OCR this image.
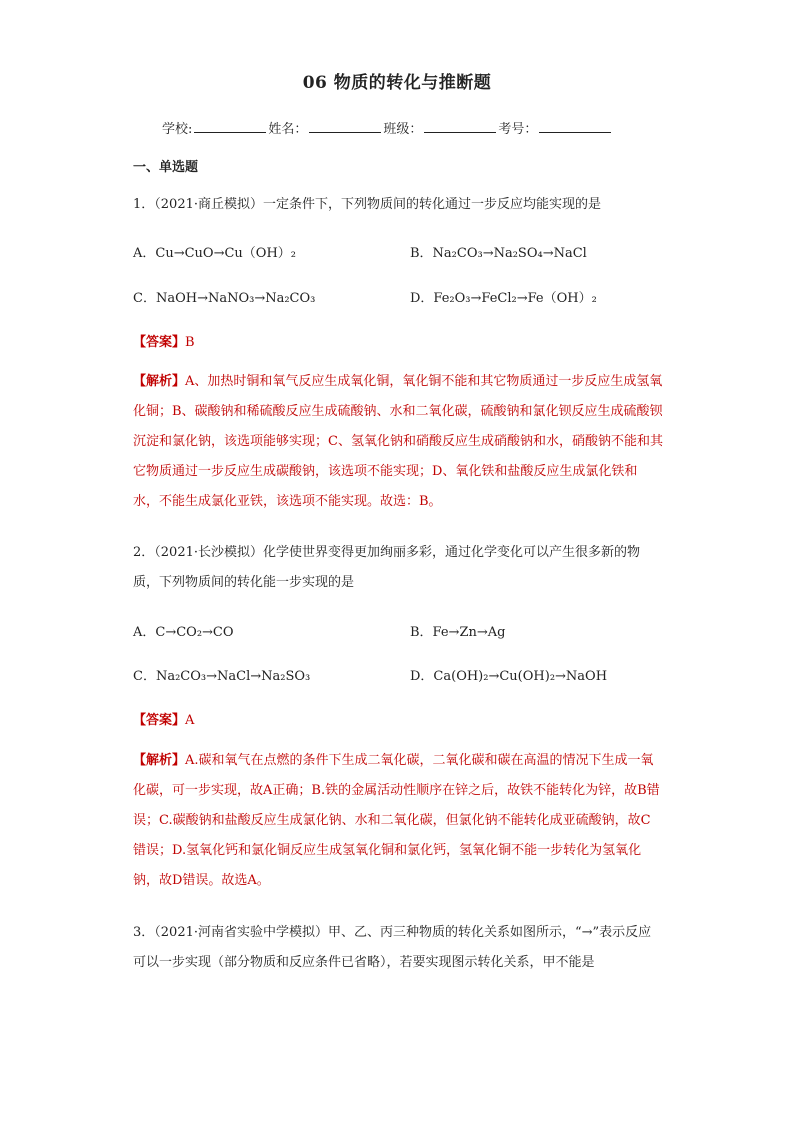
06 物质的转化与推断题
学校:	姓名：	班级：	考号：
一、单选题
1．（2021·商丘模拟）一定条件下，下列物质间的转化通过一步反应均能实现的是
A．Cu→CuO→Cu（OH）₂	B．Na₂CO₃→Na₂SO₄→NaCl
C．NaOH→NaNO₃→Na₂CO₃	D．Fe₂O₃→FeCl₂→Fe（OH）₂
【答案】B
【解析】A、加热时铜和氧气反应生成氧化铜，氧化铜不能和其它物质通过一步反应生成氢氧化铜；B、碳酸钠和稀硫酸反应生成硫酸钠、水和二氧化碳，硫酸钠和氯化钡反应生成硫酸钡沉淀和氯化钠，该选项能够实现；C、氢氧化钠和硝酸反应生成硝酸钠和水，硝酸钠不能和其它物质通过一步反应生成碳酸钠，该选项不能实现；D、氧化铁和盐酸反应生成氯化铁和水，不能生成氯化亚铁，该选项不能实现。故选：B。
2．（2021·长沙模拟）化学使世界变得更加绚丽多彩，通过化学变化可以产生很多新的物质，下列物质间的转化能一步实现的是
A．C→CO₂→CO	B．Fe→Zn→Ag
C．Na₂CO₃→NaCl→Na₂SO₃	D．Ca(OH)₂→Cu(OH)₂→NaOH
【答案】A
【解析】A.碳和氧气在点燃的条件下生成二氧化碳，二氧化碳和碳在高温的情况下生成一氧化碳，可一步实现，故A正确；B.铁的金属活动性顺序在锌之后，故铁不能转化为锌，故B错误；C.碳酸钠和盐酸反应生成氯化钠、水和二氧化碳，但氯化钠不能转化成亚硫酸钠，故C错误；D.氢氧化钙和氯化铜反应生成氢氧化铜和氯化钙，氢氧化铜不能一步转化为氢氧化钠，故D错误。故选A。
3．（2021·河南省实验中学模拟）甲、乙、丙三种物质的转化关系如图所示，“→”表示反应可以一步实现（部分物质和反应条件已省略），若要实现图示转化关系，甲不能是
